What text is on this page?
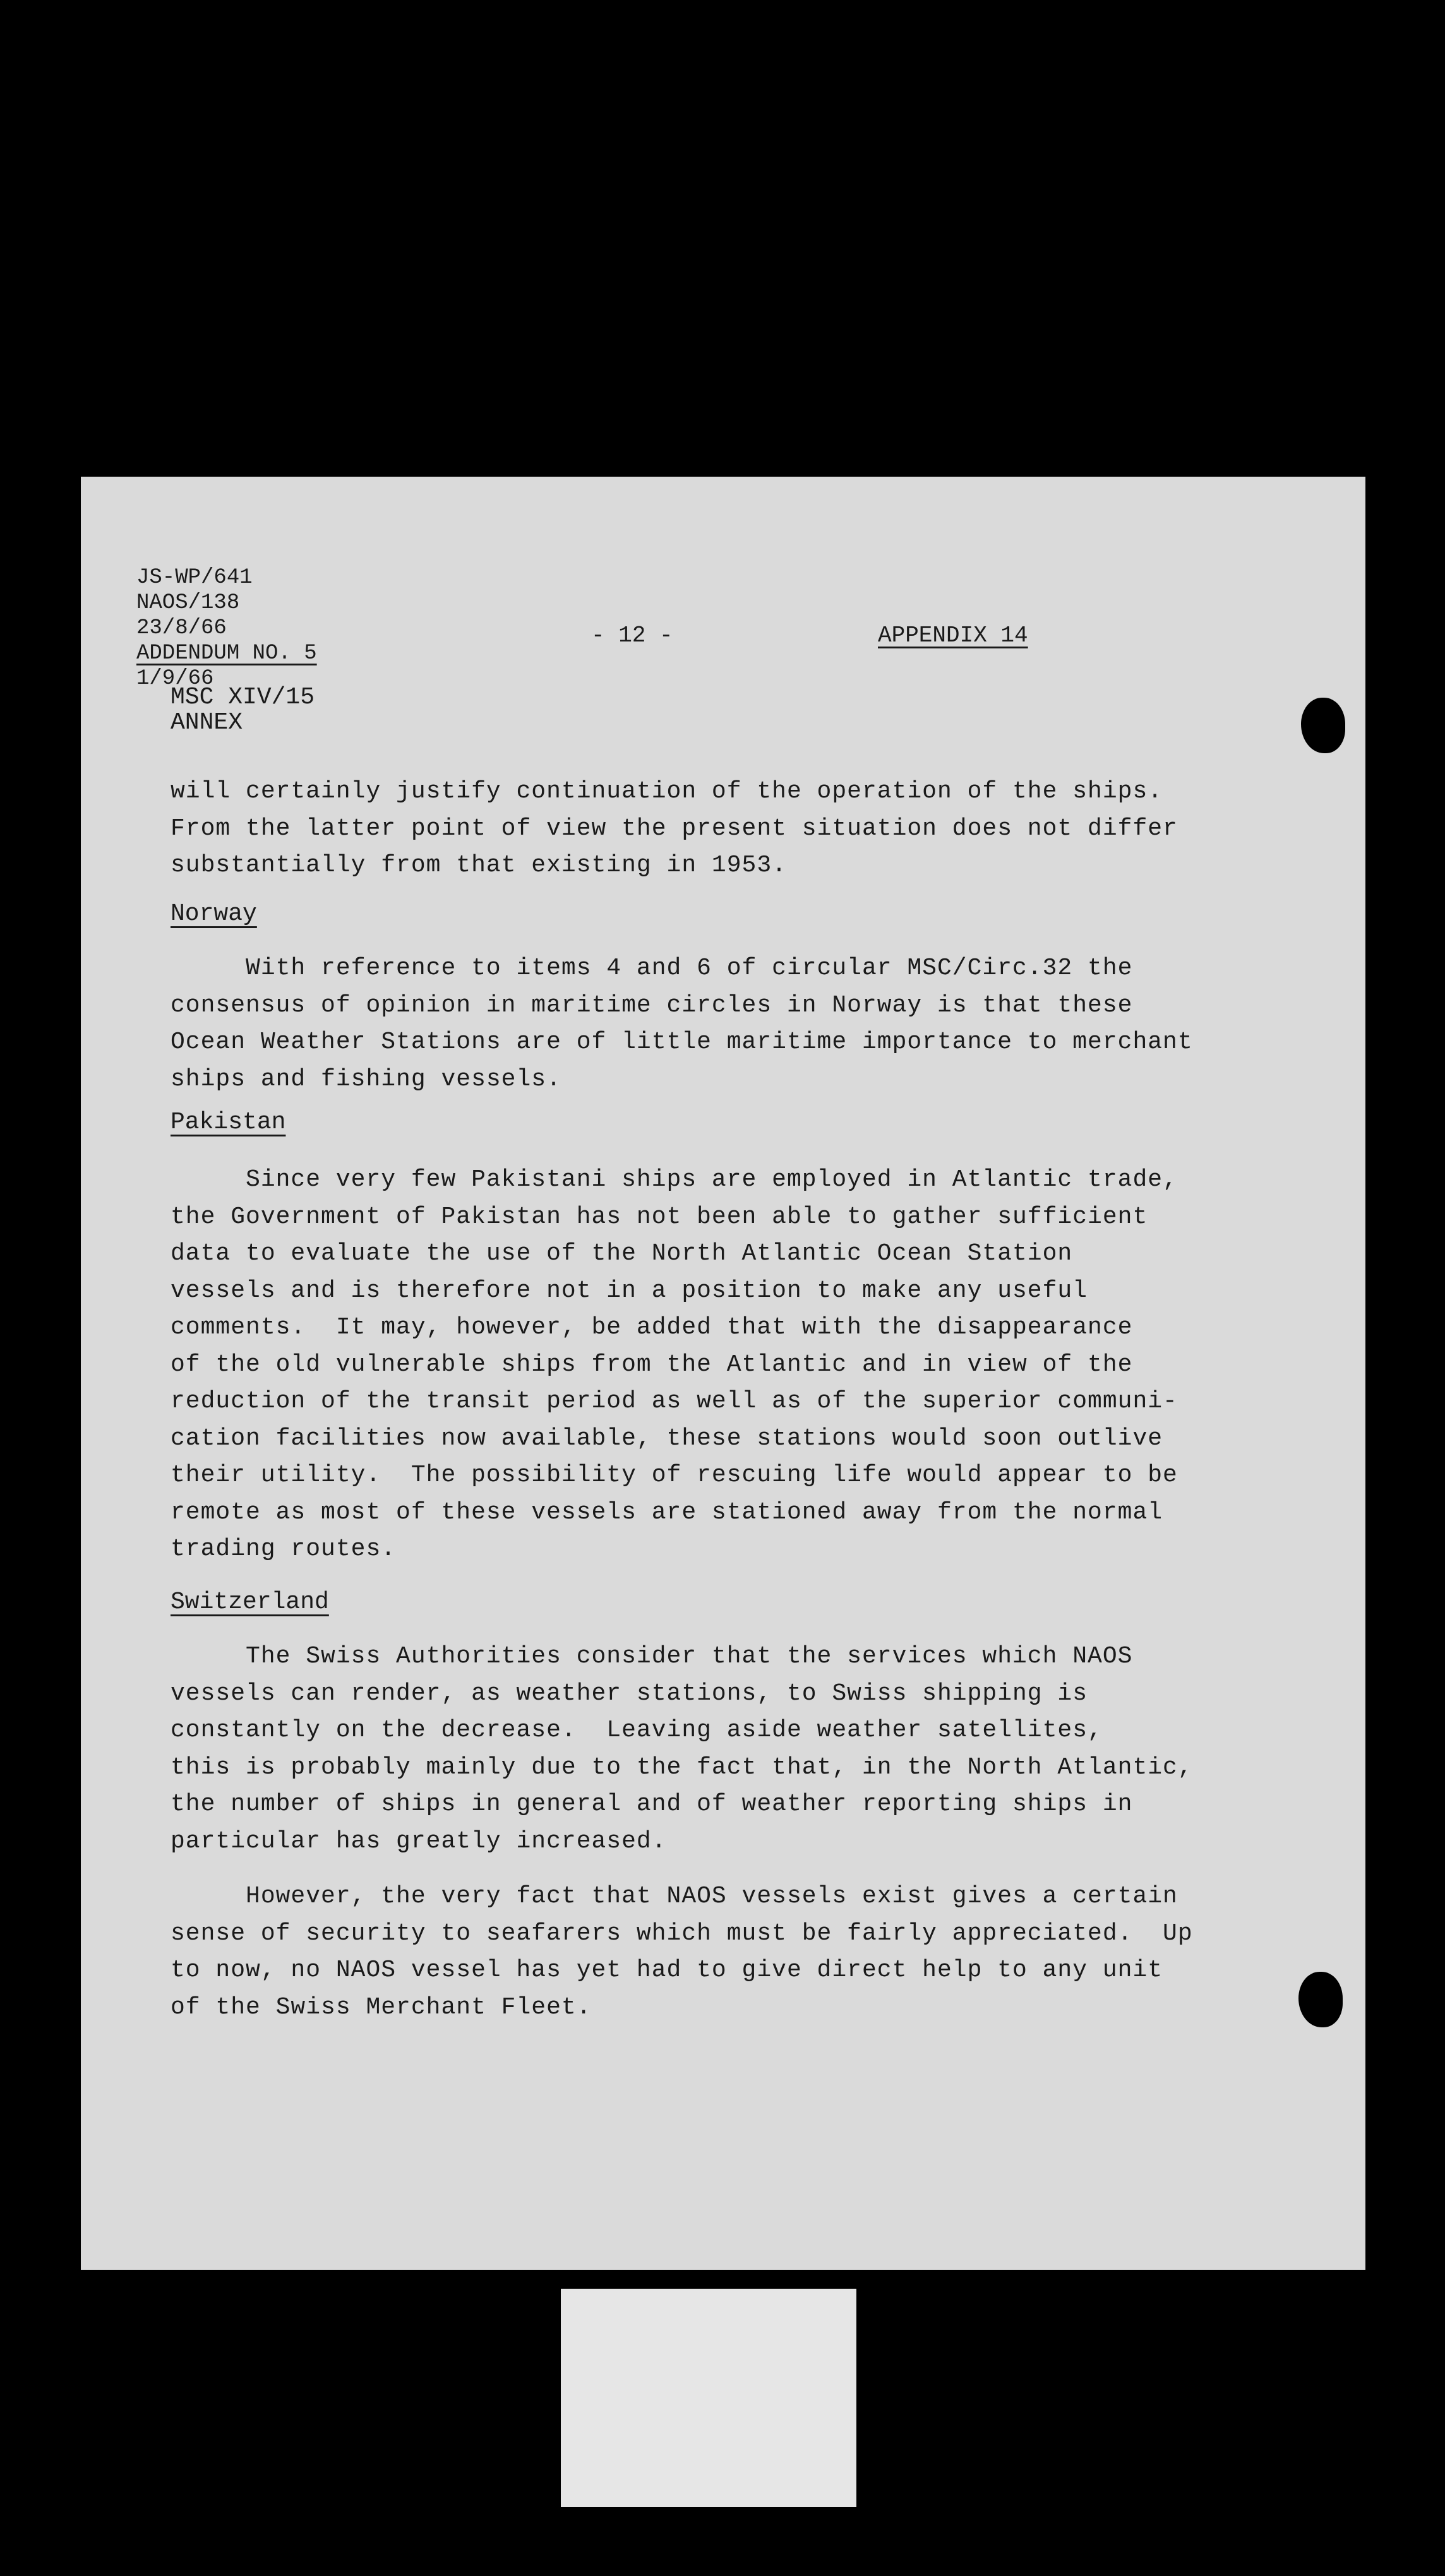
JS-WP/641
NAOS/138
23/8/66
ADDENDUM NO. 5
1/9/66
- 12 -	APPENDIX 14
MSC XIV/15
ANNEX
will certainly justify continuation of the operation of the ships.
From the latter point of view the present situation does not differ
substantially from that existing in 1953.
Norway
With reference to items 4 and 6 of circular MSC/Circ.32 the
consensus of opinion in maritime circles in Norway is that these
Ocean Weather Stations are of little maritime importance to merchant
ships and fishing vessels.
Pakistan
Since very few Pakistani ships are employed in Atlantic trade,
the Government of Pakistan has not been able to gather sufficient
data to evaluate the use of the North Atlantic Ocean Station
vessels and is therefore not in a position to make any useful
comments.  It may, however, be added that with the disappearance
of the old vulnerable ships from the Atlantic and in view of the
reduction of the transit period as well as of the superior communi-
cation facilities now available, these stations would soon outlive
their utility.  The possibility of rescuing life would appear to be
remote as most of these vessels are stationed away from the normal
trading routes.
Switzerland
The Swiss Authorities consider that the services which NAOS
vessels can render, as weather stations, to Swiss shipping is
constantly on the decrease.  Leaving aside weather satellites,
this is probably mainly due to the fact that, in the North Atlantic,
the number of ships in general and of weather reporting ships in
particular has greatly increased.
However, the very fact that NAOS vessels exist gives a certain
sense of security to seafarers which must be fairly appreciated.  Up
to now, no NAOS vessel has yet had to give direct help to any unit
of the Swiss Merchant Fleet.
